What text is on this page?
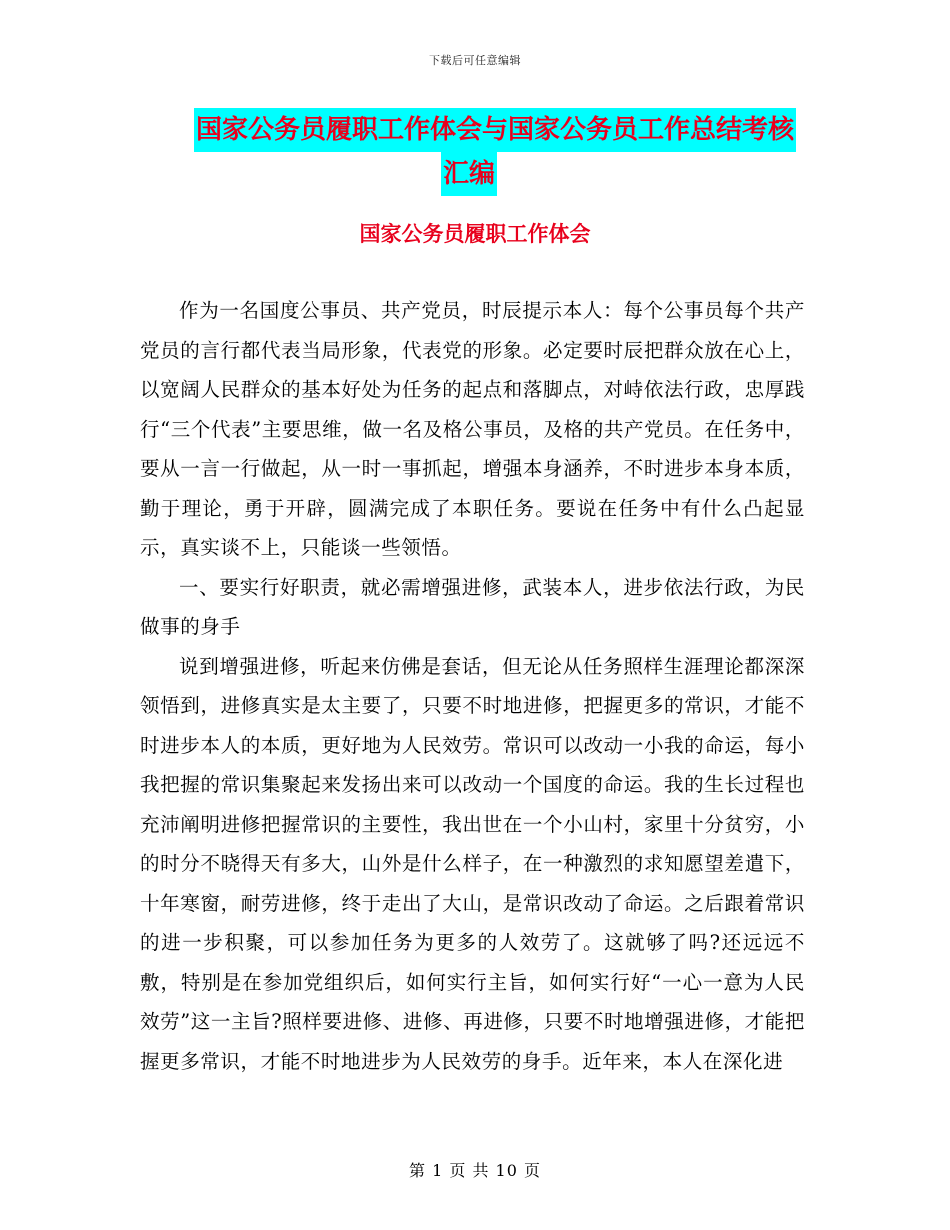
下载后可任意编辑
国家公务员履职工作体会与国家公务员工作总结考核
汇编
国家公务员履职工作体会

作为一名国度公事员、共产党员，时辰提示本人：每个公事员每个共产党员的言行都代表当局形象，代表党的形象。必定要时辰把群众放在心上，以宽阔人民群众的基本好处为任务的起点和落脚点，对峙依法行政，忠厚践行“三个代表”主要思维，做一名及格公事员，及格的共产党员。在任务中，要从一言一行做起，从一时一事抓起，增强本身涵养，不时进步本身本质，勤于理论，勇于开辟，圆满完成了本职任务。要说在任务中有什么凸起显示，真实谈不上，只能谈一些领悟。

一、要实行好职责，就必需增强进修，武装本人，进步依法行政，为民做事的身手

说到增强进修，听起来仿佛是套话，但无论从任务照样生涯理论都深深领悟到，进修真实是太主要了，只要不时地进修，把握更多的常识，才能不时进步本人的本质，更好地为人民效劳。常识可以改动一小我的命运，每小我把握的常识集聚起来发扬出来可以改动一个国度的命运。我的生长过程也充沛阐明进修把握常识的主要性，我出世在一个小山村，家里十分贫穷，小的时分不晓得天有多大，山外是什么样子，在一种激烈的求知愿望差遣下，十年寒窗，耐劳进修，终于走出了大山，是常识改动了命运。之后跟着常识的进一步积聚，可以参加任务为更多的人效劳了。这就够了吗?还远远不敷，特别是在参加党组织后，如何实行主旨，如何实行好“一心一意为人民效劳”这一主旨?照样要进修、进修、再进修，只要不时地增强进修，才能把握更多常识，才能不时地进步为人民效劳的身手。近年来，本人在深化进

第 1 页 共 10 页
